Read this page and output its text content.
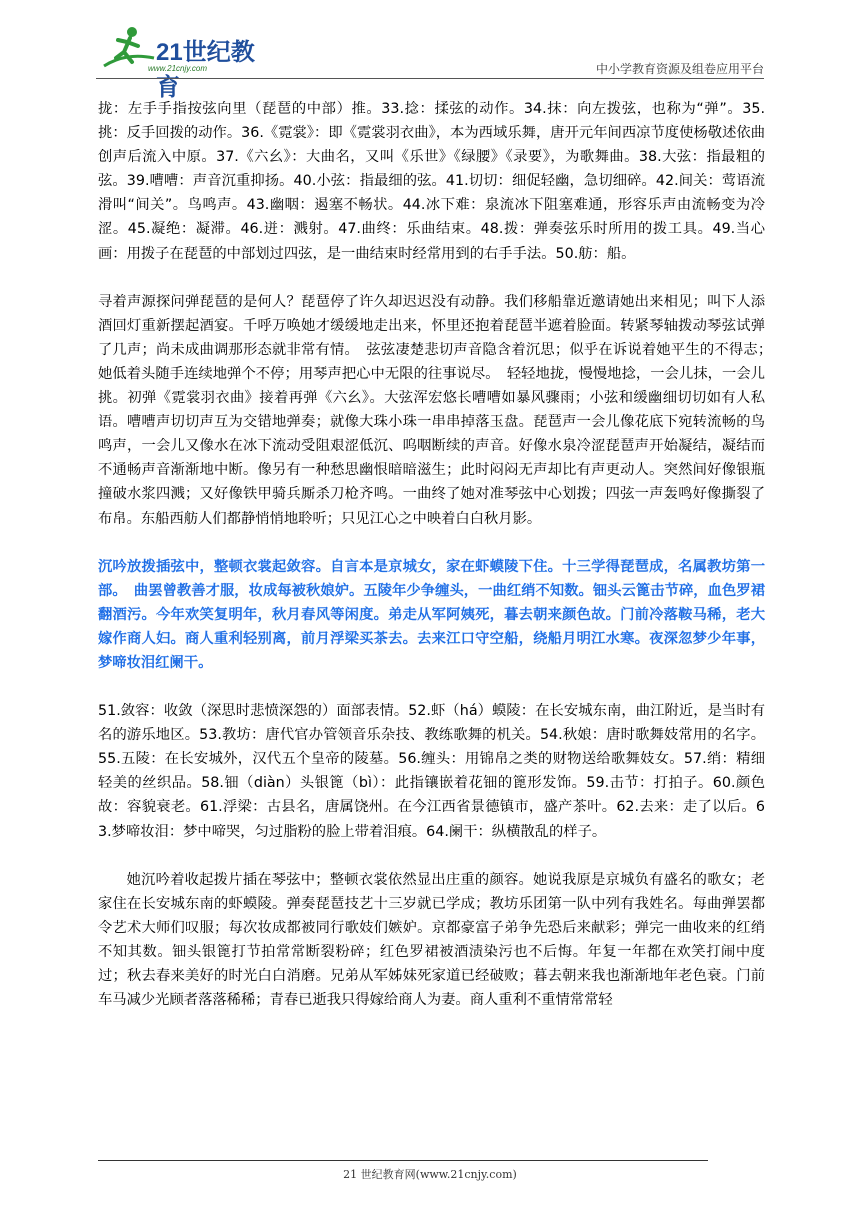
21世纪教育
www.21cnjy.com	中小学教育资源及组卷应用平台

拢：左手手指按弦向里（琵琶的中部）推。33.捻：揉弦的动作。34.抹：向左拨弦，也称为“弹”。35.挑：反手回拨的动作。36.《霓裳》：即《霓裳羽衣曲》，本为西域乐舞，唐开元年间西凉节度使杨敬述依曲创声后流入中原。37.《六幺》：大曲名，又叫《乐世》《绿腰》《录要》，为歌舞曲。38.大弦：指最粗的弦。39.嘈嘈：声音沉重抑扬。40.小弦：指最细的弦。41.切切：细促轻幽，急切细碎。42.间关：莺语流滑叫“间关”。鸟鸣声。43.幽咽：遏塞不畅状。44.冰下难：泉流冰下阻塞难通，形容乐声由流畅变为冷涩。45.凝绝：凝滞。46.迸：溅射。47.曲终：乐曲结束。48.拨：弹奏弦乐时所用的拨工具。49.当心画：用拨子在琵琶的中部划过四弦，是一曲结束时经常用到的右手手法。50.舫：船。

寻着声源探问弹琵琶的是何人？琵琶停了许久却迟迟没有动静。我们移船靠近邀请她出来相见；叫下人添酒回灯重新摆起酒宴。千呼万唤她才缓缓地走出来，怀里还抱着琵琶半遮着脸面。转紧琴轴拨动琴弦试弹了几声；尚未成曲调那形态就非常有情。　弦弦凄楚悲切声音隐含着沉思；似乎在诉说着她平生的不得志；　她低着头随手连续地弹个不停；用琴声把心中无限的往事说尽。　轻轻地拢，慢慢地捻，一会儿抹，一会儿挑。初弹《霓裳羽衣曲》接着再弹《六幺》。大弦浑宏悠长嘈嘈如暴风骤雨；小弦和缓幽细切切如有人私语。嘈嘈声切切声互为交错地弹奏；就像大珠小珠一串串掉落玉盘。琵琶声一会儿像花底下宛转流畅的鸟鸣声，一会儿又像水在冰下流动受阻艰涩低沉、呜咽断续的声音。好像水泉冷涩琵琶声开始凝结，凝结而不通畅声音渐渐地中断。像另有一种愁思幽恨暗暗滋生；此时闷闷无声却比有声更动人。突然间好像银瓶撞破水浆四溅；又好像铁甲骑兵厮杀刀枪齐鸣。一曲终了她对准琴弦中心划拨；四弦一声轰鸣好像撕裂了布帛。东船西舫人们都静悄悄地聆听；只见江心之中映着白白秋月影。

沉吟放拨插弦中，整顿衣裳起敛容。自言本是京城女，家在虾蟆陵下住。十三学得琵琶成，名属教坊第一部。　曲罢曾教善才服，妆成每被秋娘妒。五陵年少争缠头，一曲红绡不知数。钿头云篦击节碎，血色罗裙翻酒污。今年欢笑复明年，秋月春风等闲度。弟走从军阿姨死，暮去朝来颜色故。门前冷落鞍马稀，老大嫁作商人妇。商人重利轻别离，前月浮梁买茶去。去来江口守空船，绕船月明江水寒。夜深忽梦少年事，梦啼妆泪红阑干。

51.敛容：收敛（深思时悲愤深怨的）面部表情。52.虾（há）蟆陵：在长安城东南，曲江附近，是当时有名的游乐地区。53.教坊：唐代官办管领音乐杂技、教练歌舞的机关。54.秋娘：唐时歌舞妓常用的名字。55.五陵：在长安城外，汉代五个皇帝的陵墓。56.缠头：用锦帛之类的财物送给歌舞妓女。57.绡：精细轻美的丝织品。58.钿（diàn）头银篦（bì）：此指镶嵌着花钿的篦形发饰。59.击节：打拍子。60.颜色故：容貌衰老。61.浮梁：古县名，唐属饶州。在今江西省景德镇市，盛产茶叶。62.去来：走了以后。63.梦啼妆泪：梦中啼哭，匀过脂粉的脸上带着泪痕。64.阑干：纵横散乱的样子。

她沉吟着收起拨片插在琴弦中；整顿衣裳依然显出庄重的颜容。她说我原是京城负有盛名的歌女；老家住在长安城东南的虾蟆陵。弹奏琵琶技艺十三岁就已学成；教坊乐团第一队中列有我姓名。每曲弹罢都令艺术大师们叹服；每次妆成都被同行歌妓们嫉妒。京都豪富子弟争先恐后来献彩；弹完一曲收来的红绡不知其数。钿头银篦打节拍常常断裂粉碎；红色罗裙被酒渍染污也不后悔。年复一年都在欢笑打闹中度过；秋去春来美好的时光白白消磨。兄弟从军姊妹死家道已经破败；暮去朝来我也渐渐地年老色衰。门前车马减少光顾者落落稀稀；青春已逝我只得嫁给商人为妻。商人重利不重情常常轻

21 世纪教育网(www.21cnjy.com)
